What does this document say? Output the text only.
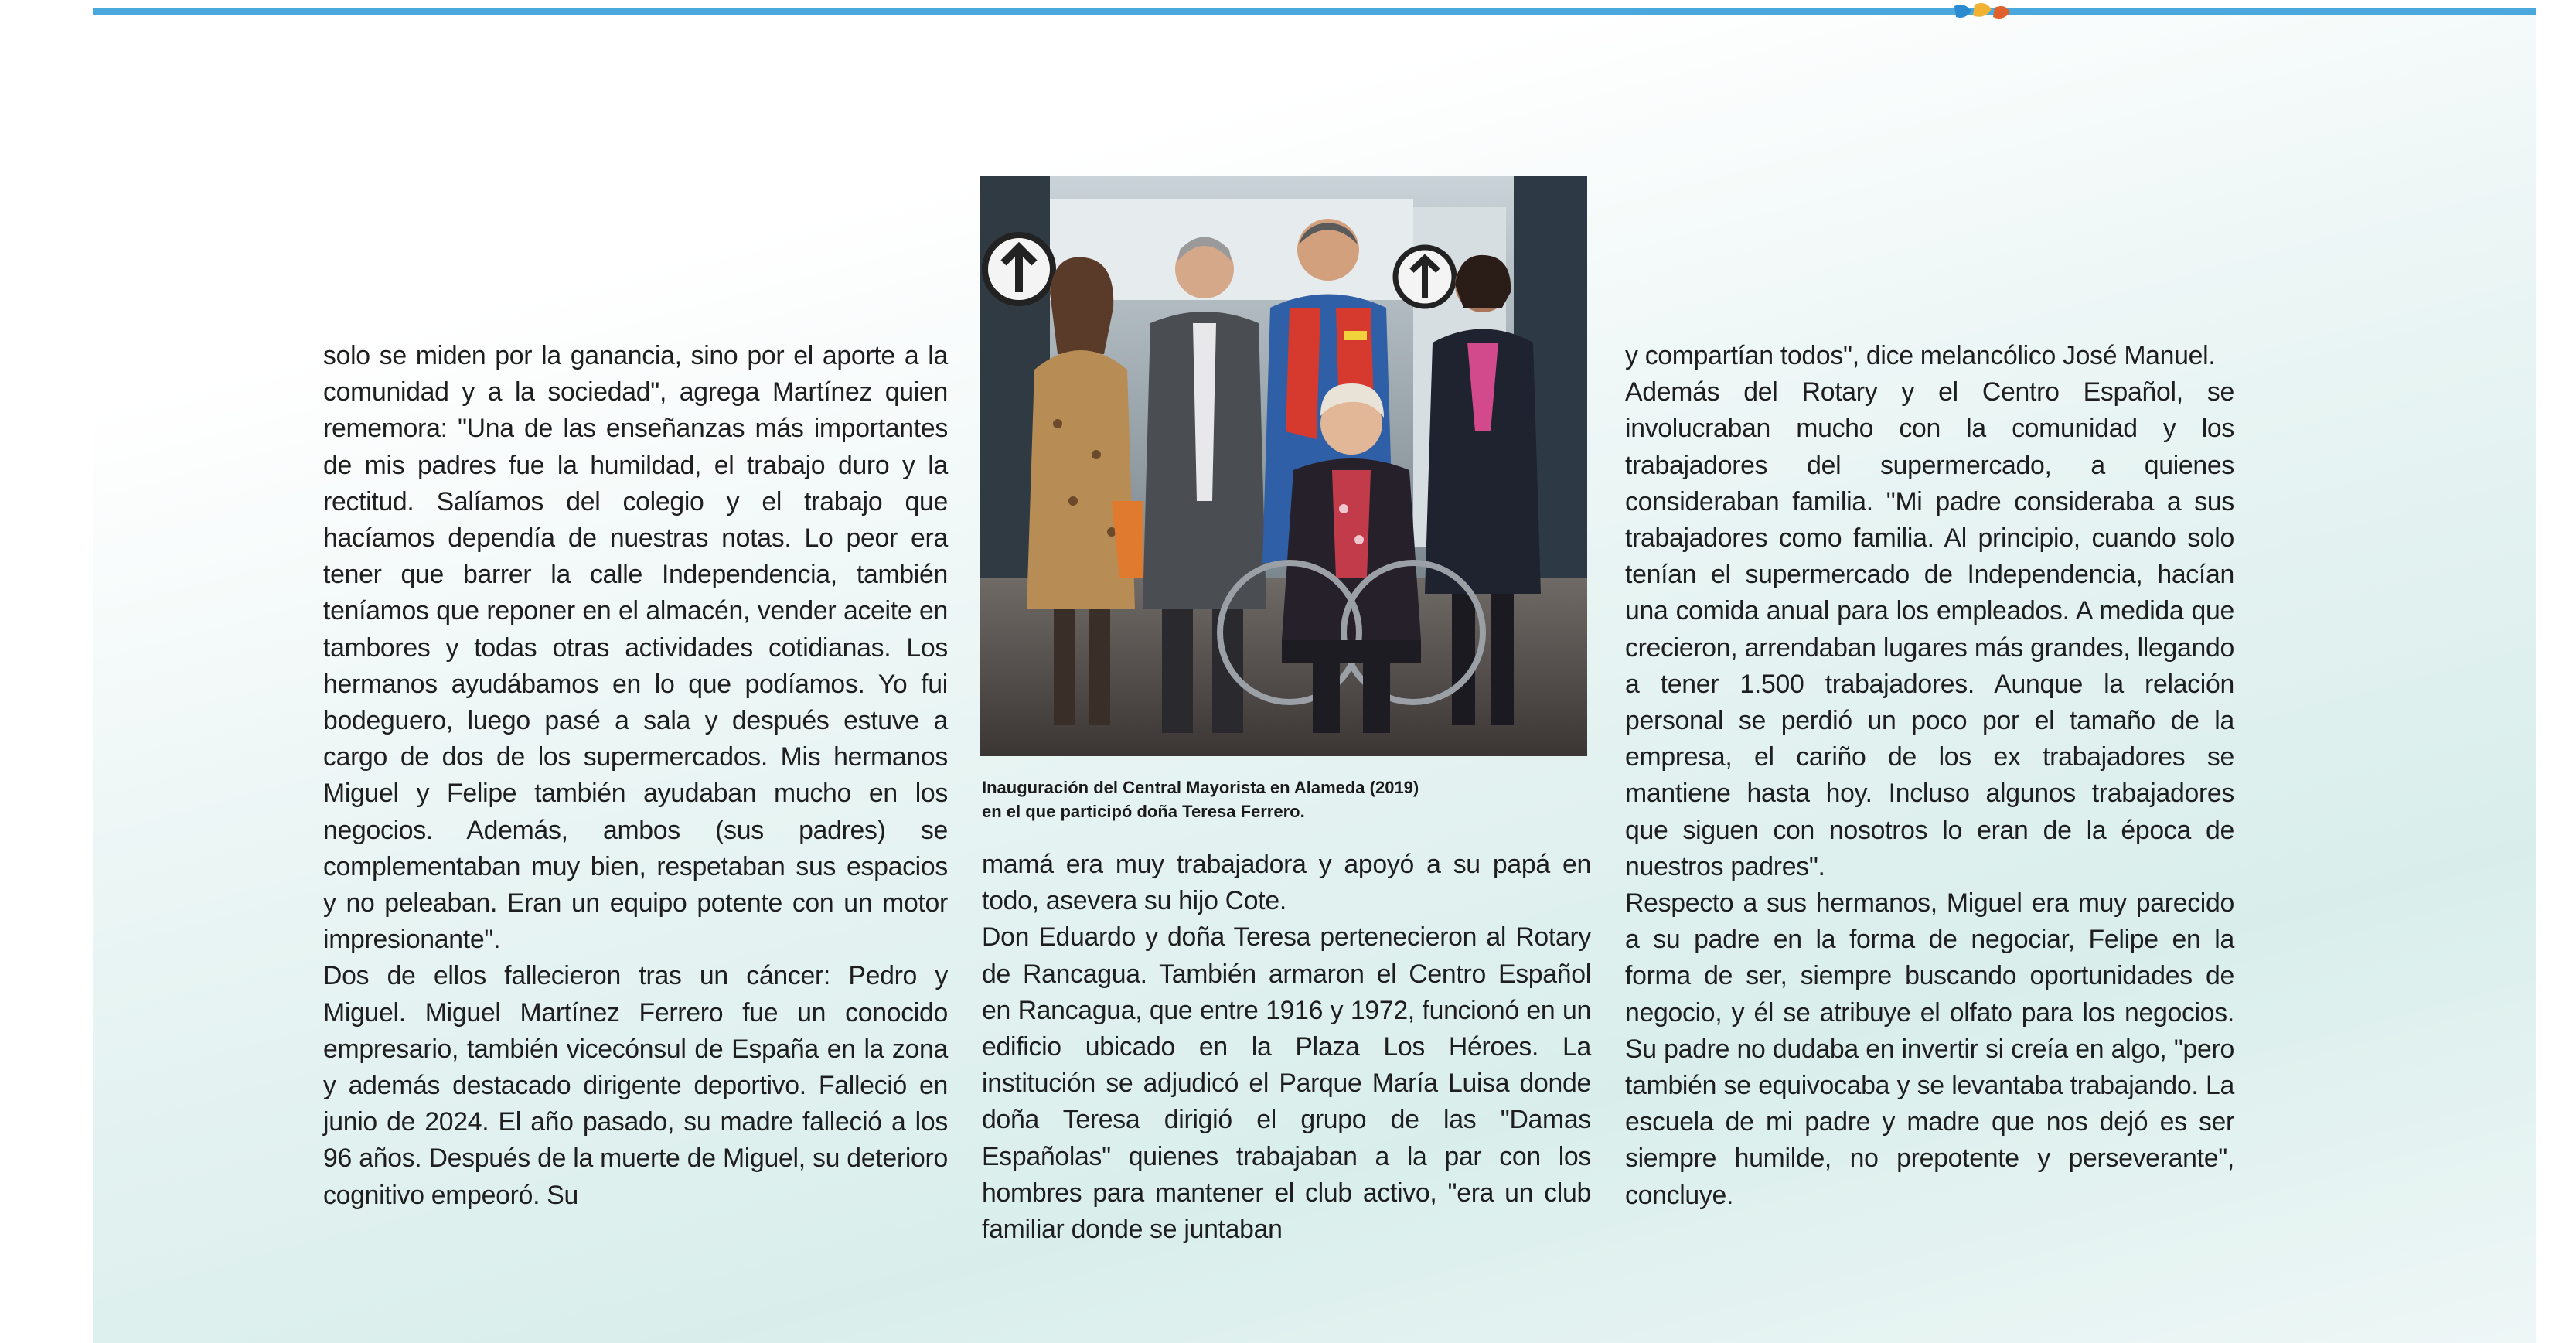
solo se miden por la ganancia, sino por el aporte a la comunidad y a la sociedad", agrega Martínez quien rememora: "Una de las enseñanzas más importantes de mis padres fue la humildad, el trabajo duro y la rectitud. Salíamos del colegio y el trabajo que hacíamos dependía de nuestras notas. Lo peor era tener que barrer la calle Independencia, también teníamos que reponer en el almacén, vender aceite en tambores y todas otras actividades cotidianas. Los hermanos ayudábamos en lo que podíamos. Yo fui bodeguero, luego pasé a sala y después estuve a cargo de dos de los supermercados. Mis hermanos Miguel y Felipe también ayudaban mucho en los negocios. Además, ambos (sus padres) se complementaban muy bien, respetaban sus espacios y no peleaban. Eran un equipo potente con un motor impresionante".

Dos de ellos fallecieron tras un cáncer: Pedro y Miguel. Miguel Martínez Ferrero fue un conocido empresario, también vicecónsul de España en la zona y además destacado dirigente deportivo. Falleció en junio de 2024. El año pasado, su madre falleció a los 96 años. Después de la muerte de Miguel, su deterioro cognitivo empeoró. Su

Inauguración del Central Mayorista en Alameda (2019)
en el que participó doña Teresa Ferrero.

mamá era muy trabajadora y apoyó a su papá en todo, asevera su hijo Cote.

Don Eduardo y doña Teresa pertenecieron al Rotary de Rancagua. También armaron el Centro Español en Rancagua, que entre 1916 y 1972, funcionó en un edificio ubicado en la Plaza Los Héroes. La institución se adjudicó el Parque María Luisa donde doña Teresa dirigió el grupo de las "Damas Españolas" quienes trabajaban a la par con los hombres para mantener el club activo, "era un club familiar donde se juntaban

y compartían todos", dice melancólico José Manuel.

Además del Rotary y el Centro Español, se involucraban mucho con la comunidad y los trabajadores del supermercado, a quienes consideraban familia. "Mi padre consideraba a sus trabajadores como familia. Al principio, cuando solo tenían el supermercado de Independencia, hacían una comida anual para los empleados. A medida que crecieron, arrendaban lugares más grandes, llegando a tener 1.500 trabajadores. Aunque la relación personal se perdió un poco por el tamaño de la empresa, el cariño de los ex trabajadores se mantiene hasta hoy. Incluso algunos trabajadores que siguen con nosotros lo eran de la época de nuestros padres".

Respecto a sus hermanos, Miguel era muy parecido a su padre en la forma de negociar, Felipe en la forma de ser, siempre buscando oportunidades de negocio, y él se atribuye el olfato para los negocios. Su padre no dudaba en invertir si creía en algo, "pero también se equivocaba y se levantaba trabajando. La escuela de mi padre y madre que nos dejó es ser siempre humilde, no prepotente y perseverante", concluye.
